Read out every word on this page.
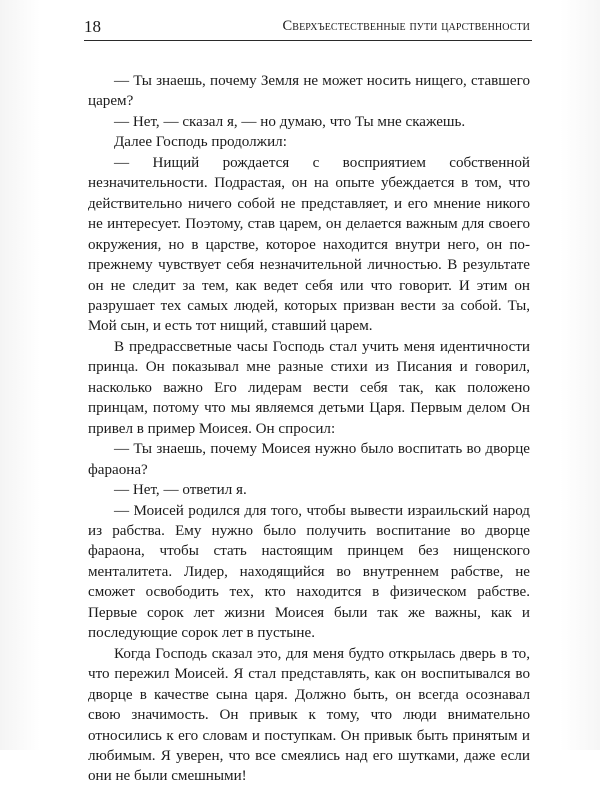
18	Сверхъестественные пути царственности

— Ты знаешь, почему Земля не может носить нищего, ставшего царем?

— Нет, — сказал я, — но думаю, что Ты мне скажешь.

Далее Господь продолжил:

— Нищий рождается с восприятием собственной незначительности. Подрастая, он на опыте убеждается в том, что действительно ничего собой не представляет, и его мнение никого не интересует. Поэтому, став царем, он делается важным для своего окружения, но в царстве, которое находится внутри него, он по-прежнему чувствует себя незначительной личностью. В результате он не следит за тем, как ведет себя или что говорит. И этим он разрушает тех самых людей, которых призван вести за собой. Ты, Мой сын, и есть тот нищий, ставший царем.

В предрассветные часы Господь стал учить меня идентичности принца. Он показывал мне разные стихи из Писания и говорил, насколько важно Его лидерам вести себя так, как положено принцам, потому что мы являемся детьми Царя. Первым делом Он привел в пример Моисея. Он спросил:

— Ты знаешь, почему Моисея нужно было воспитать во дворце фараона?

— Нет, — ответил я.

— Моисей родился для того, чтобы вывести израильский народ из рабства. Ему нужно было получить воспитание во дворце фараона, чтобы стать настоящим принцем без нищенского менталитета. Лидер, находящийся во внутреннем рабстве, не сможет освободить тех, кто находится в физическом рабстве. Первые сорок лет жизни Моисея были так же важны, как и последующие сорок лет в пустыне.

Когда Господь сказал это, для меня будто открылась дверь в то, что пережил Моисей. Я стал представлять, как он воспитывался во дворце в качестве сына царя. Должно быть, он всегда осознавал свою значимость. Он привык к тому, что люди внимательно относились к его словам и поступкам. Он привык быть принятым и любимым. Я уверен, что все смеялись над его шутками, даже если они не были смешными!
